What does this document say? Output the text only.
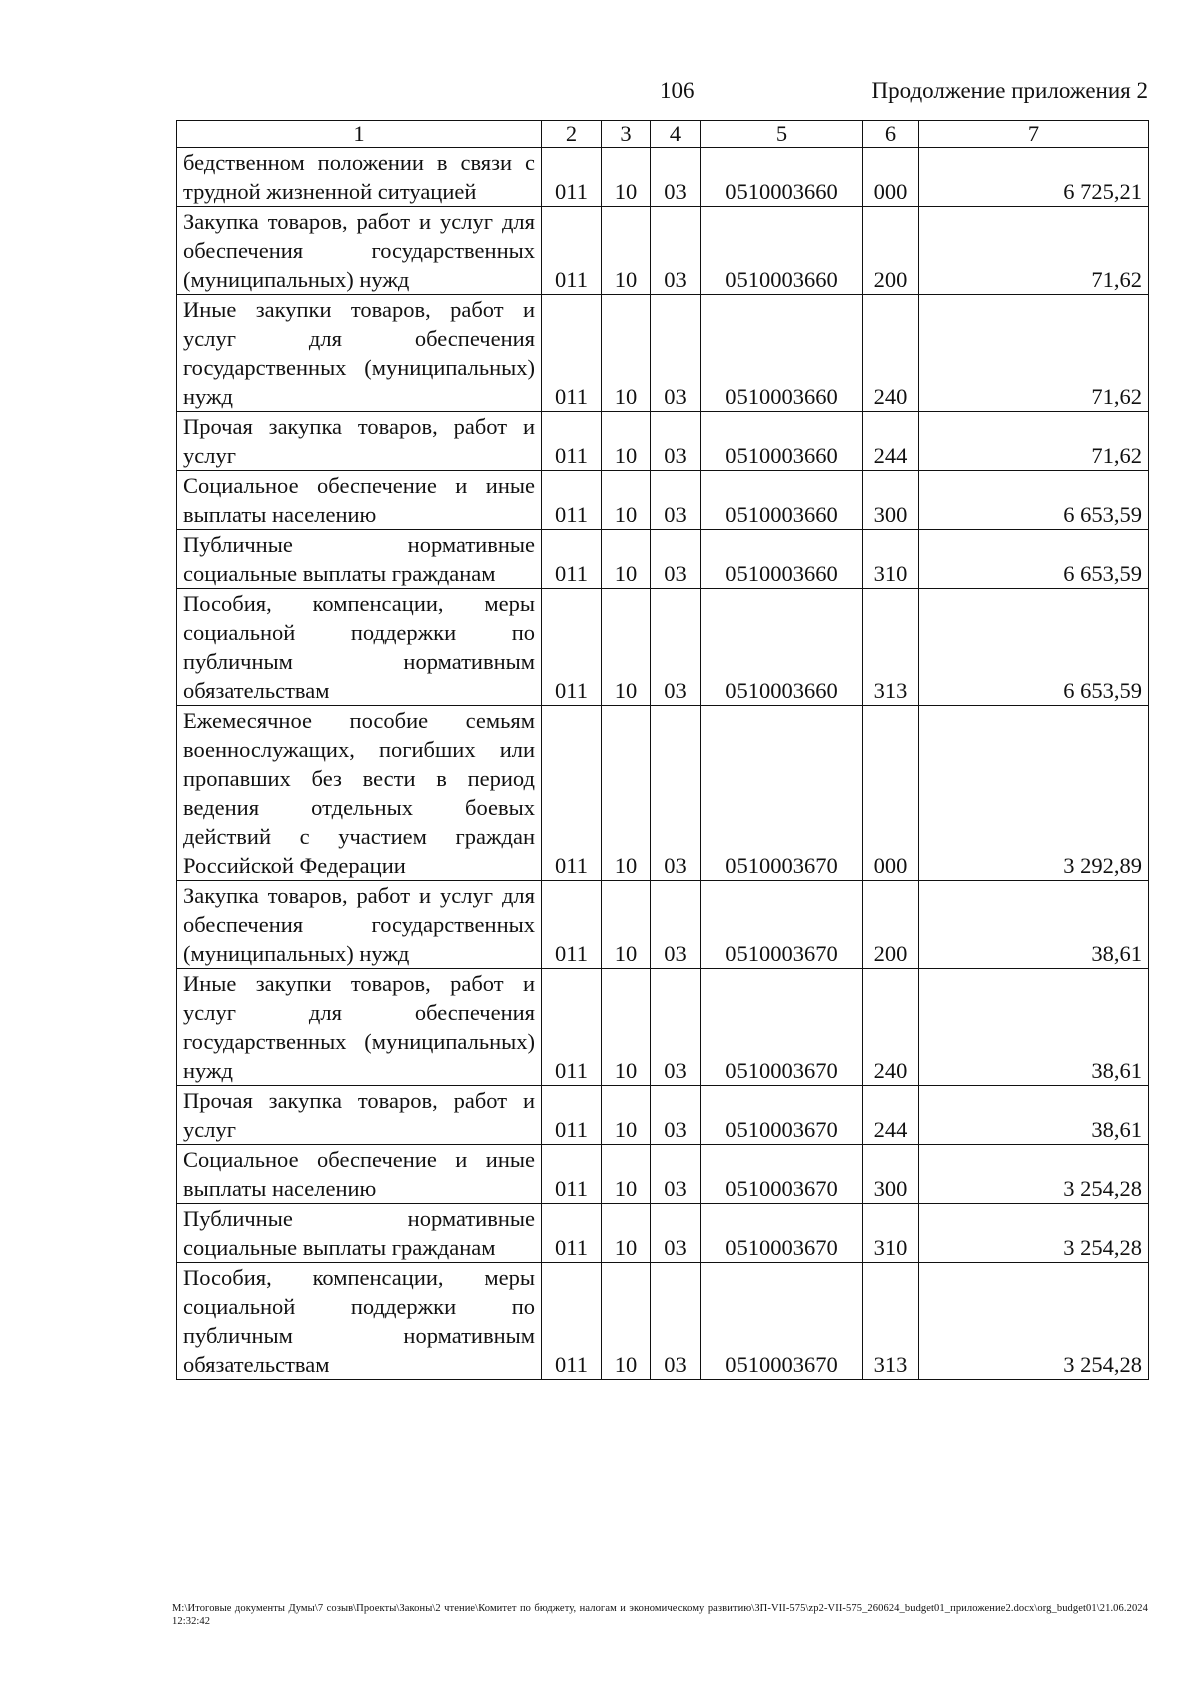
106	Продолжение приложения 2
1	2	3	4	5	6	7
бедственном положении в связи с трудной жизненной ситуацией	011	10	03	0510003660	000	6 725,21
Закупка товаров, работ и услуг для обеспечения государственных (муниципальных) нужд	011	10	03	0510003660	200	71,62
Иные закупки товаров, работ и услуг для обеспечения государственных (муниципальных) нужд	011	10	03	0510003660	240	71,62
Прочая закупка товаров, работ и услуг	011	10	03	0510003660	244	71,62
Социальное обеспечение и иные выплаты населению	011	10	03	0510003660	300	6 653,59
Публичные нормативные социальные выплаты гражданам	011	10	03	0510003660	310	6 653,59
Пособия, компенсации, меры социальной поддержки по публичным нормативным обязательствам	011	10	03	0510003660	313	6 653,59
Ежемесячное пособие семьям военнослужащих, погибших или пропавших без вести в период ведения отдельных боевых действий с участием граждан Российской Федерации	011	10	03	0510003670	000	3 292,89
Закупка товаров, работ и услуг для обеспечения государственных (муниципальных) нужд	011	10	03	0510003670	200	38,61
Иные закупки товаров, работ и услуг для обеспечения государственных (муниципальных) нужд	011	10	03	0510003670	240	38,61
Прочая закупка товаров, работ и услуг	011	10	03	0510003670	244	38,61
Социальное обеспечение и иные выплаты населению	011	10	03	0510003670	300	3 254,28
Публичные нормативные социальные выплаты гражданам	011	10	03	0510003670	310	3 254,28
Пособия, компенсации, меры социальной поддержки по публичным нормативным обязательствам	011	10	03	0510003670	313	3 254,28
M:\Итоговые документы Думы\7 созыв\Проекты\Законы\2 чтение\Комитет по бюджету, налогам и экономическому развитию\ЗП-VII-575\zp2-VII-575_260624_budget01_приложение2.docx\org_budget01\21.06.2024 12:32:42
